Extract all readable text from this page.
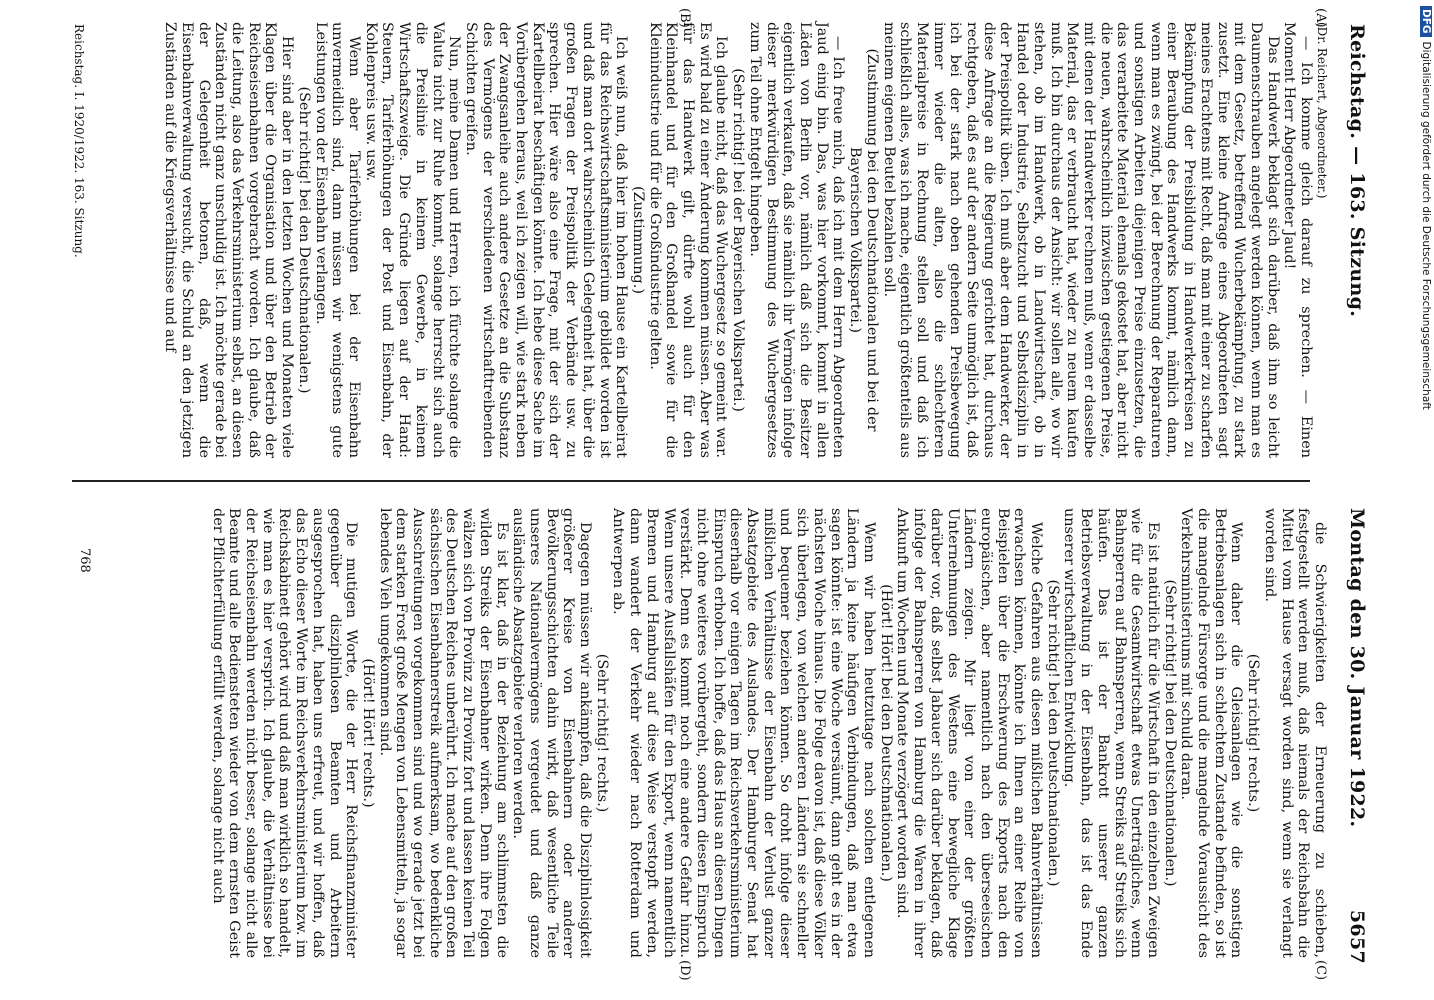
Reichstag. — 163. Sitzung.
Montag den 30. Januar 1922.
5657
(A)
(B)
(C)
(D)

(Dr. Reichert, Abgeordneter.)

— Ich komme gleich darauf zu sprechen. — Einen Moment Herr Abgeordneter Jaud!

Das Handwerk beklagt sich darüber, daß ihm so leicht Daumenschrauben angelegt werden können, wenn man es mit dem Gesetz, betreffend Wucherbekämpfung, zu stark zusetzt. Eine kleine Anfrage eines Abgeordneten sagt meines Erachtens mit Recht, daß man mit einer zu scharfen Bekämpfung der Preisbildung in Handwerkerkreisen zu einer Beraubung des Handwerks kommt, nämlich dann, wenn man es zwingt, bei der Berechnung der Reparaturen und sonstigen Arbeiten diejenigen Preise einzusetzen, die das verarbeitete Material ehemals gekostet hat, aber nicht die neuen, wahrscheinlich inzwischen gestiegenen Preise, mit denen der Handwerker rechnen muß, wenn er dasselbe Material, das er verbraucht hat, wieder zu neuem kaufen muß. Ich bin durchaus der Ansicht: wir sollen alle, wo wir stehen, ob im Handwerk, ob in Landwirtschaft, ob in Handel oder Industrie, Selbstzucht und Selbstdisziplin in der Preispolitik üben. Ich muß aber dem Handwerker, der diese Anfrage an die Regierung gerichtet hat, durchaus rechtgeben, daß es auf der andern Seite unmöglich ist, daß ich bei der stark nach oben gehenden Preisbewegung immer wieder die alten, also die schlechteren Materialpreise in Rechnung stellen soll und daß ich schließlich alles, was ich mache, eigentlich größtenteils aus meinem eigenen Beutel bezahlen soll.

(Zustimmung bei den Deutschnationalen und bei der Bayerischen Volkspartei.)

— Ich freue mich, daß ich mit dem Herrn Abgeordneten Jaud einig bin. Das, was hier vorkommt, kommt in allen Läden von Berlin vor, nämlich daß sich die Besitzer eigentlich verkaufen, daß sie nämlich ihr Vermögen infolge dieser merkwürdigen Bestimmung des Wuchergesetzes zum Teil ohne Entgelt hingeben.

(Sehr richtig! bei der Bayerischen Volkspartei.)

Ich glaube nicht, daß das Wuchergesetz so gemeint war. Es wird bald zu einer Änderung kommen müssen. Aber was für das Handwerk gilt, dürfte wohl auch für den Kleinhandel und für den Großhandel sowie für die Kleinindustrie und für die Großindustrie gelten.

(Zustimmung.)

Ich weiß nun, daß hier im hohen Hause ein Kartellbeirat für das Reichswirtschaftsministerium gebildet worden ist und daß man dort wahrscheinlich Gelegenheit hat, über die großen Fragen der Preispolitik der Verbände usw. zu sprechen. Hier wäre also eine Frage, mit der sich der Kartellbeirat beschäftigen könnte. Ich hebe diese Sache im Vorübergehen heraus, weil ich zeigen will, wie stark neben der Zwangsanleihe auch andere Gesetze an die Substanz des Vermögens der verschiedenen wirtschafttreibenden Schichten greifen.

Nun, meine Damen und Herren, ich fürchte solange die Valuta nicht zur Ruhe kommt, solange herrscht sich auch die Preislinie in keinem Gewerbe, in keinem Wirtschaftszweige. Die Gründe liegen auf der Hand: Steuern, Tariferhöhungen der Post und Eisenbahn, der Kohlenpreis usw. usw.

Wenn aber Tariferhöhungen bei der Eisenbahn unvermeidlich sind, dann müssen wir wenigstens gute Leistungen von der Eisenbahn verlangen.

(Sehr richtig! bei den Deutschnationalen.)

Hier sind aber in den letzten Wochen und Monaten viele Klagen über die Organisation und über den Betrieb der Reichseisenbahnen vorgebracht worden. Ich glaube, daß die Leitung, also das Verkehrsministerium selbst, an diesen Zuständen nicht ganz unschuldig ist. Ich möchte gerade bei der Gelegenheit betonen, daß, wenn die Eisenbahnverwaltung versucht, die Schuld an den jetzigen Zuständen auf die Kriegsverhältnisse und auf

die Schwierigkeiten der Erneuerung zu schieben, festgestellt werden muß, daß niemals der Reichsbahn die Mittel vom Hause versagt worden sind, wenn sie verlangt worden sind.

(Sehr richtig! rechts.)

Wenn daher die Gleisanlagen wie die sonstigen Betriebsanlagen sich in schlechtem Zustande befinden, so ist die mangelnde Fürsorge und die mangelnde Voraussicht des Verkehrsministeriums mit schuld daran.

(Sehr richtig! bei den Deutschnationalen.)

Es ist natürlich für die Wirtschaft in den einzelnen Zweigen wie für die Gesamtwirtschaft etwas Unerträgliches, wenn Bahnsperren auf Bahnsperren, wenn Streiks auf Streiks sich häufen. Das ist der Bankrott unserer ganzen Betriebsverwaltung in der Eisenbahn, das ist das Ende unserer wirtschaftlichen Entwicklung.

(Sehr richtig! bei den Deutschnationalen.)

Welche Gefahren aus diesen mißlichen Bahnverhältnissen erwachsen können, könnte ich Ihnen an einer Reihe von Beispielen über die Erschwerung des Exports nach den europäischen, aber namentlich nach den überseeischen Ländern zeigen. Mir liegt von einer der größten Unternehmungen des Westens eine bewegliche Klage darüber vor, daß selbst Jabauer sich darüber beklagen, daß infolge der Bahnsperren von Hamburg die Waren in ihrer Ankunft um Wochen und Monate verzögert worden sind.

(Hört! Hört! bei den Deutschnationalen.)

Wenn wir haben heutzutage nach solchen entlegenen Ländern ja keine häufigen Verbindungen, daß man etwa sagen könnte: ist eine Woche versäumt, dann geht es in der nächsten Woche hinaus. Die Folge davon ist, daß diese Völker sich überlegen, von welchen anderen Ländern sie schneller und bequemer beziehen können. So droht infolge dieser mißlichen Verhältnisse der Eisenbahn der Verlust ganzer Absatzgebiete des Auslandes. Der Hamburger Senat hat dieserhalb vor einigen Tagen im Reichsverkehrsministerium Einspruch erhoben. Ich hoffe, daß das Haus an diesen Dingen nicht ohne weiteres vorübergeht, sondern diesen Einspruch verstärkt. Denn es kommt noch eine andere Gefahr hinzu. Wenn unsere Ausfallshäfen für den Export, wenn namentlich Bremen und Hamburg auf diese Weise verstopft werden, dann wandert der Verkehr wieder nach Rotterdam und Antwerpen ab.

(Sehr richtig! rechts.)

Dagegen müssen wir ankämpfen, daß die Disziplinlosigkeit größerer Kreise von Eisenbahnern oder anderer Bevölkerungsschichten dahin wirkt, daß wesentliche Teile unseres Nationalvermögens vergeudet und daß ganze ausländische Absatzgebiete verloren werden.

Es ist klar, daß in der Beziehung am schlimmsten die wilden Streiks der Eisenbahner wirken. Denn ihre Folgen wälzen sich von Provinz zu Provinz fort und lassen keinen Teil des Deutschen Reiches unberührt. Ich mache auf den großen sächsischen Eisenbahnerstreik aufmerksam, wo bedenkliche Ausschreitungen vorgekommen sind und wo gerade jetzt bei dem starken Frost große Mengen von Lebensmitteln, ja sogar lebendes Vieh umgekommen sind.

(Hört! Hört! rechts.)

Die mutigen Worte, die der Herr Reichsfinanzminister gegenüber disziplinlosen Beamten und Arbeitern ausgesprochen hat, haben uns erfreut, und wir hoffen, daß das Echo dieser Worte im Reichsverkehrsministerium bzw. im Reichskabinett gehört wird und daß man wirklich so handelt, wie man es hier versprich. Ich glaube, die Verhältnisse bei der Reichseisenbahn werden nicht besser, solange nicht alle Beamte und alle Bediensteten wieder von dem ernsten Geist der Pflichterfüllung erfüllt werden, solange nicht auch

Reichstag. I. 1920/1922. 163. Sitzung.
768
DFGDigitalisierung gefördert durch die Deutsche Forschungsgemeinschaft
